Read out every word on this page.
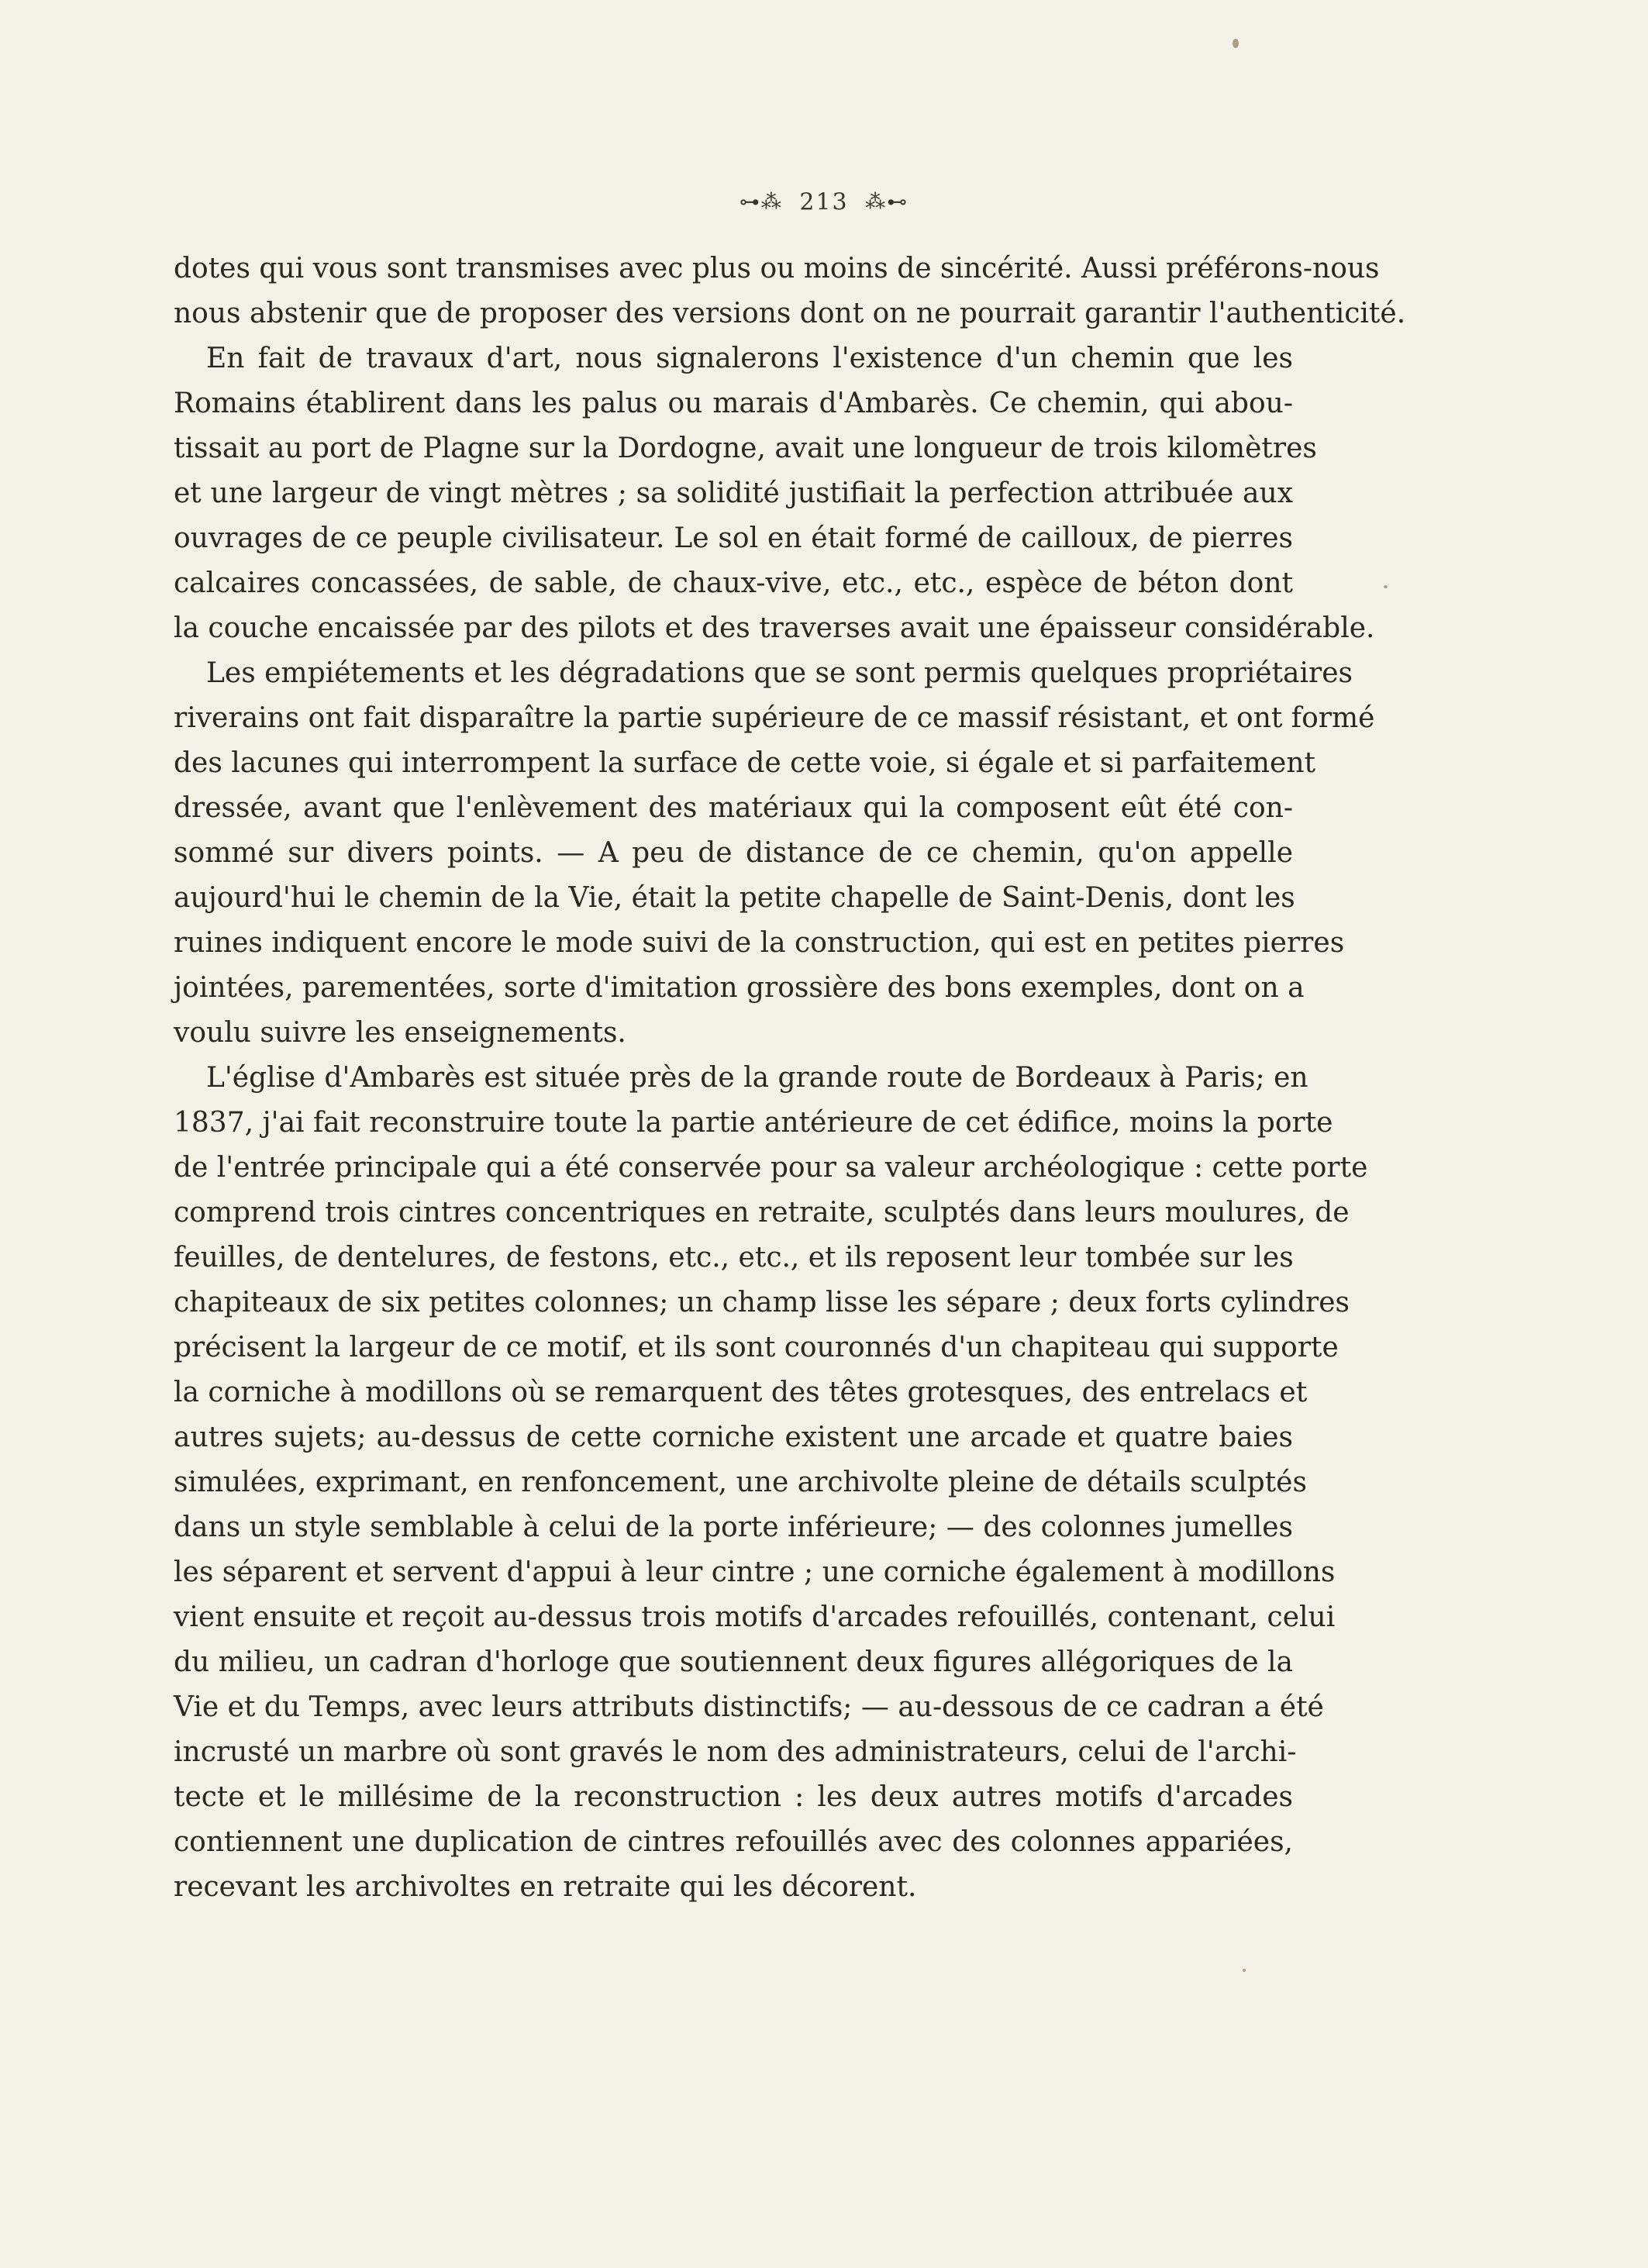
⊶⁂ 213 ⁂⊷
dotes qui vous sont transmises avec plus ou moins de sincérité. Aussi préférons-nous
nous abstenir que de proposer des versions dont on ne pourrait garantir l'authenticité.
En fait de travaux d'art, nous signalerons l'existence d'un chemin que les
Romains établirent dans les palus ou marais d'Ambarès. Ce chemin, qui abou-
tissait au port de Plagne sur la Dordogne, avait une longueur de trois kilomètres
et une largeur de vingt mètres ; sa solidité justifiait la perfection attribuée aux
ouvrages de ce peuple civilisateur. Le sol en était formé de cailloux, de pierres
calcaires concassées, de sable, de chaux-vive, etc., etc., espèce de béton dont
la couche encaissée par des pilots et des traverses avait une épaisseur considérable.
Les empiétements et les dégradations que se sont permis quelques propriétaires
riverains ont fait disparaître la partie supérieure de ce massif résistant, et ont formé
des lacunes qui interrompent la surface de cette voie, si égale et si parfaitement
dressée, avant que l'enlèvement des matériaux qui la composent eût été con-
sommé sur divers points. — A peu de distance de ce chemin, qu'on appelle
aujourd'hui le chemin de la Vie, était la petite chapelle de Saint-Denis, dont les
ruines indiquent encore le mode suivi de la construction, qui est en petites pierres
jointées, parementées, sorte d'imitation grossière des bons exemples, dont on a
voulu suivre les enseignements.
L'église d'Ambarès est située près de la grande route de Bordeaux à Paris; en
1837, j'ai fait reconstruire toute la partie antérieure de cet édifice, moins la porte
de l'entrée principale qui a été conservée pour sa valeur archéologique : cette porte
comprend trois cintres concentriques en retraite, sculptés dans leurs moulures, de
feuilles, de dentelures, de festons, etc., etc., et ils reposent leur tombée sur les
chapiteaux de six petites colonnes; un champ lisse les sépare ; deux forts cylindres
précisent la largeur de ce motif, et ils sont couronnés d'un chapiteau qui supporte
la corniche à modillons où se remarquent des têtes grotesques, des entrelacs et
autres sujets; au-dessus de cette corniche existent une arcade et quatre baies
simulées, exprimant, en renfoncement, une archivolte pleine de détails sculptés
dans un style semblable à celui de la porte inférieure; — des colonnes jumelles
les séparent et servent d'appui à leur cintre ; une corniche également à modillons
vient ensuite et reçoit au-dessus trois motifs d'arcades refouillés, contenant, celui
du milieu, un cadran d'horloge que soutiennent deux figures allégoriques de la
Vie et du Temps, avec leurs attributs distinctifs; — au-dessous de ce cadran a été
incrusté un marbre où sont gravés le nom des administrateurs, celui de l'archi-
tecte et le millésime de la reconstruction : les deux autres motifs d'arcades
contiennent une duplication de cintres refouillés avec des colonnes appariées,
recevant les archivoltes en retraite qui les décorent.
